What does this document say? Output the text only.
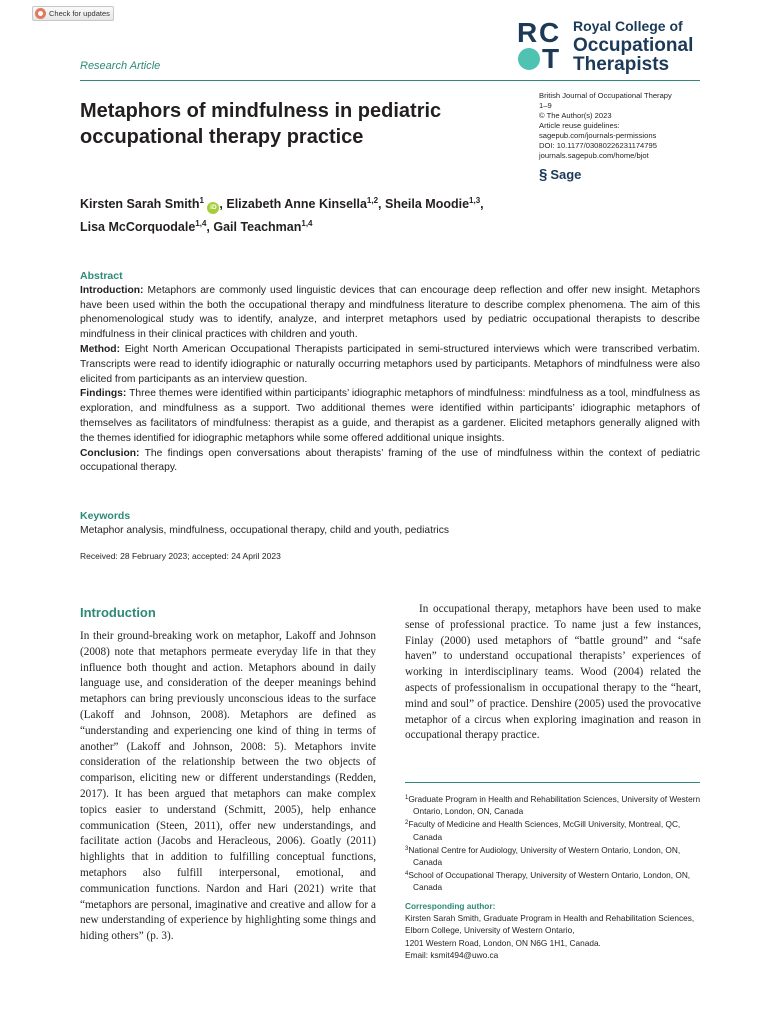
Check for updates
R C
T
Royal College of
Occupational
Therapists
Research Article
Metaphors of mindfulness in pediatric occupational therapy practice
British Journal of Occupational Therapy
1–9
© The Author(s) 2023
Article reuse guidelines:
sagepub.com/journals-permissions
DOI: 10.1177/03080226231174795
journals.sagepub.com/home/bjot
§ Sage
Kirsten Sarah Smith$^1$ iD , Elizabeth Anne Kinsella$^{1,2}$, Sheila Moodie$^{1,3}$,
Lisa McCorquodale$^{1,4}$, Gail Teachman$^{1,4}$
Abstract

Introduction: Metaphors are commonly used linguistic devices that can encourage deep reflection and offer new insight. Metaphors have been used within the both the occupational therapy and mindfulness literature to describe complex phenomena. The aim of this phenomenological study was to identify, analyze, and interpret metaphors used by pediatric occupational therapists to describe mindfulness in their clinical practices with children and youth.

Method: Eight North American Occupational Therapists participated in semi-structured interviews which were transcribed verbatim. Transcripts were read to identify idiographic or naturally occurring metaphors used by participants. Metaphors of mindfulness were also elicited from participants as an interview question.

Findings: Three themes were identified within participants’ idiographic metaphors of mindfulness: mindfulness as a tool, mindfulness as exploration, and mindfulness as a support. Two additional themes were identified within participants’ idiographic metaphors of themselves as facilitators of mindfulness: therapist as a guide, and therapist as a gardener. Elicited metaphors generally aligned with the themes identified for idiographic metaphors while some offered additional unique insights.

Conclusion: The findings open conversations about therapists’ framing of the use of mindfulness within the context of pediatric occupational therapy.

Keywords
Metaphor analysis, mindfulness, occupational therapy, child and youth, pediatrics
Received: 28 February 2023; accepted: 24 April 2023
Introduction
In their ground-breaking work on metaphor, Lakoff and Johnson (2008) note that metaphors permeate everyday life in that they influence both thought and action. Metaphors abound in daily language use, and consideration of the deeper meanings behind metaphors can bring previously unconscious ideas to the surface (Lakoff and Johnson, 2008). Metaphors are defined as “understanding and experiencing one kind of thing in terms of another” (Lakoff and Johnson, 2008: 5). Metaphors invite consideration of the relationship between the two objects of comparison, eliciting new or different understandings (Redden, 2017). It has been argued that metaphors can make complex topics easier to understand (Schmitt, 2005), help enhance communication (Steen, 2011), offer new understandings, and facilitate action (Jacobs and Heracleous, 2006). Goatly (2011) highlights that in addition to fulfilling conceptual functions, metaphors also fulfill interpersonal, emotional, and communication functions. Nardon and Hari (2021) write that “metaphors are personal, imaginative and creative and allow for a new understanding of experience by highlighting some things and hiding others” (p. 3).
In occupational therapy, metaphors have been used to make sense of professional practice. To name just a few instances, Finlay (2000) used metaphors of “battle ground” and “safe haven” to understand occupational therapists’ experiences of working in interdisciplinary teams. Wood (2004) related the aspects of professionalism in occupational therapy to the “heart, mind and soul” of practice. Denshire (2005) used the provocative metaphor of a circus when exploring imagination and reason in occupational therapy practice.
$^1$Graduate Program in Health and Rehabilitation Sciences, University of Western Ontario, London, ON, Canada
$^2$Faculty of Medicine and Health Sciences, McGill University, Montreal, QC, Canada
$^3$National Centre for Audiology, University of Western Ontario, London, ON, Canada
$^4$School of Occupational Therapy, University of Western Ontario, London, ON, Canada
Corresponding author:
Kirsten Sarah Smith, Graduate Program in Health and Rehabilitation Sciences, Elborn College, University of Western Ontario,
1201 Western Road, London, ON N6G 1H1, Canada.
Email: ksmit494@uwo.ca
